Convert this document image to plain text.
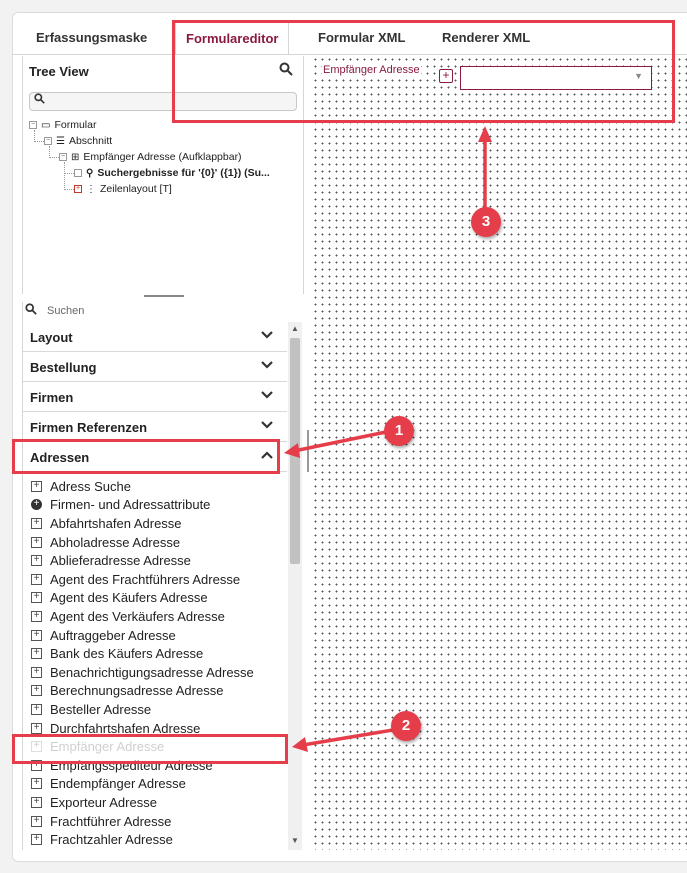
Erfassungsmaske	Formulareditor	Formular XML	Renderer XML
Tree View
− ▭ Formular
− ☰ Abschnitt
− ⊞ Empfänger Adresse (Aufklappbar)
⚲ Suchergebnisse für '{0}' ({1}) (Su...
+ ⋮ Zeilenlayout [T]
Suchen
Layout
Bestellung
Firmen
Firmen Referenzen
Adressen
+ Adress Suche
+ Firmen- und Adressattribute
+ Abfahrtshafen Adresse
+ Abholadresse Adresse
+ Ablieferadresse Adresse
+ Agent des Frachtführers Adresse
+ Agent des Käufers Adresse
+ Agent des Verkäufers Adresse
+ Auftraggeber Adresse
+ Bank des Käufers Adresse
+ Benachrichtigungsadresse Adresse
+ Berechnungsadresse Adresse
+ Besteller Adresse
+ Durchfahrtshafen Adresse
+ Empfänger Adresse
+ Empfangsspediteur Adresse
+ Endempfänger Adresse
+ Exporteur Adresse
+ Frachtführer Adresse
+ Frachtzahler Adresse
▲
▼
Empfänger Adresse +	▼
1
2
3
